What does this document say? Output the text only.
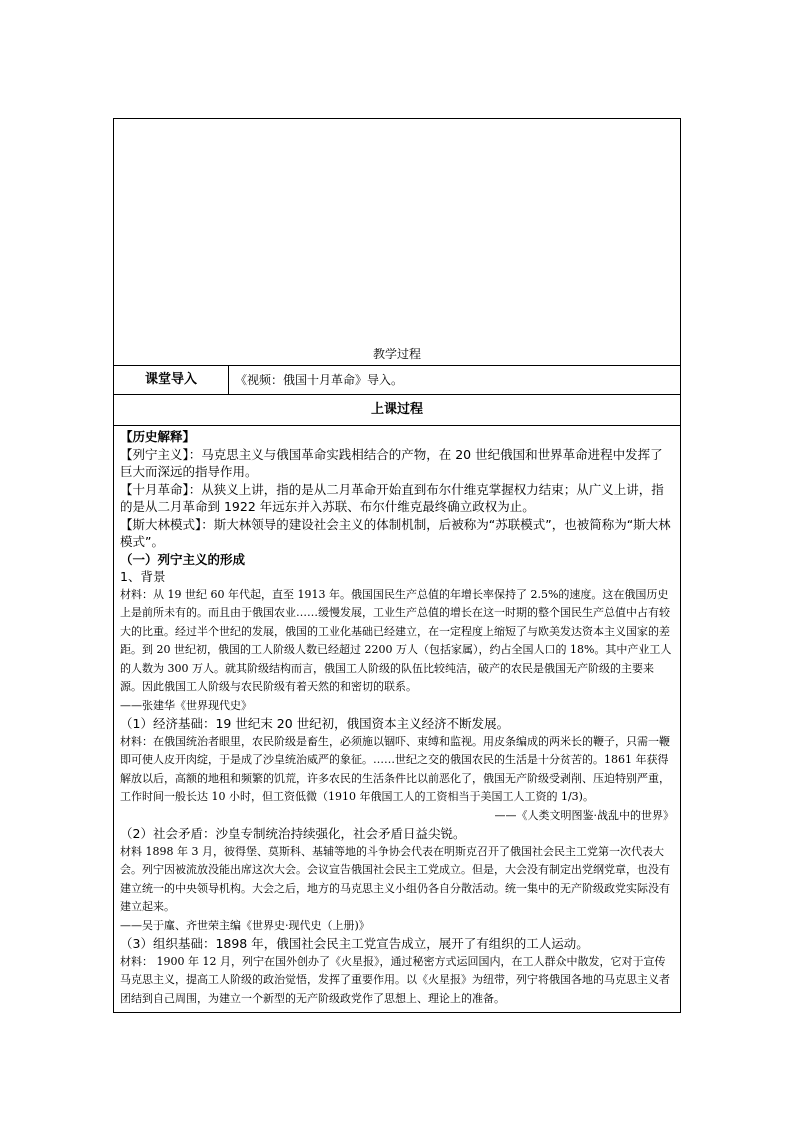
教学过程

课堂导入	《视频：俄国十月革命》导入。
上课过程

【历史解释】

【列宁主义】：马克思主义与俄国革命实践相结合的产物，在 20 世纪俄国和世界革命进程中发挥了巨大而深远的指导作用。

【十月革命】：从狭义上讲，指的是从二月革命开始直到布尔什维克掌握权力结束；从广义上讲，指的是从二月革命到 1922 年远东并入苏联、布尔什维克最终确立政权为止。

【斯大林模式】：斯大林领导的建设社会主义的体制机制，后被称为“苏联模式”，也被简称为“斯大林模式”。

（一）列宁主义的形成

1、背景

材料：从 19 世纪 60 年代起，直至 1913 年。俄国国民生产总值的年增长率保持了 2.5%的速度。这在俄国历史上是前所未有的。而且由于俄国农业……缓慢发展，工业生产总值的增长在这一时期的整个国民生产总值中占有较大的比重。经过半个世纪的发展，俄国的工业化基础已经建立，在一定程度上缩短了与欧美发达资本主义国家的差距。到 20 世纪初，俄国的工人阶级人数已经超过 2200 万人（包括家属），约占全国人口的 18%。其中产业工人的人数为 300 万人。就其阶级结构而言，俄国工人阶级的队伍比较纯洁，破产的农民是俄国无产阶级的主要来源。因此俄国工人阶级与农民阶级有着天然的和密切的联系。

——张建华《世界现代史》

（1）经济基础：19 世纪末 20 世纪初，俄国资本主义经济不断发展。

材料：在俄国统治者眼里，农民阶级是畜生，必须施以锢吓、束缚和监视。用皮条编成的两米长的鞭子，只需一鞭即可使人皮开肉绽，于是成了沙皇统治威严的象征。……世纪之交的俄国农民的生活是十分贫苦的。1861 年获得解放以后，高额的地租和频繁的饥荒，许多农民的生活条件比以前恶化了，俄国无产阶级受剥削、压迫特别严重，工作时间一般长达 10 小时，但工资低微（1910 年俄国工人的工资相当于美国工人工资的 1/3)。

——《人类文明图鉴·战乱中的世界》

（2）社会矛盾：沙皇专制统治持续强化，社会矛盾日益尖锐。

材料 1898 年 3 月，彼得堡、莫斯科、基辅等地的斗争协会代表在明斯克召开了俄国社会民主工党第一次代表大会。列宁因被流放没能出席这次大会。会议宣告俄国社会民主工党成立。但是，大会没有制定出党纲党章，也没有建立统一的中央领导机构。大会之后，地方的马克思主义小组仍各自分散活动。统一集中的无产阶级政党实际没有建立起来。

——吴于廑、齐世荣主编《世界史·现代史（上册)》

（3）组织基础：1898 年，俄国社会民主工党宣告成立，展开了有组织的工人运动。

材料： 1900 年 12 月，列宁在国外创办了《火星报》，通过秘密方式运回国内，在工人群众中散发，它对于宣传马克思主义，提高工人阶级的政治觉悟，发挥了重要作用。以《火星报》为纽带，列宁将俄国各地的马克思主义者团结到自己周围，为建立一个新型的无产阶级政党作了思想上、理论上的准备。
